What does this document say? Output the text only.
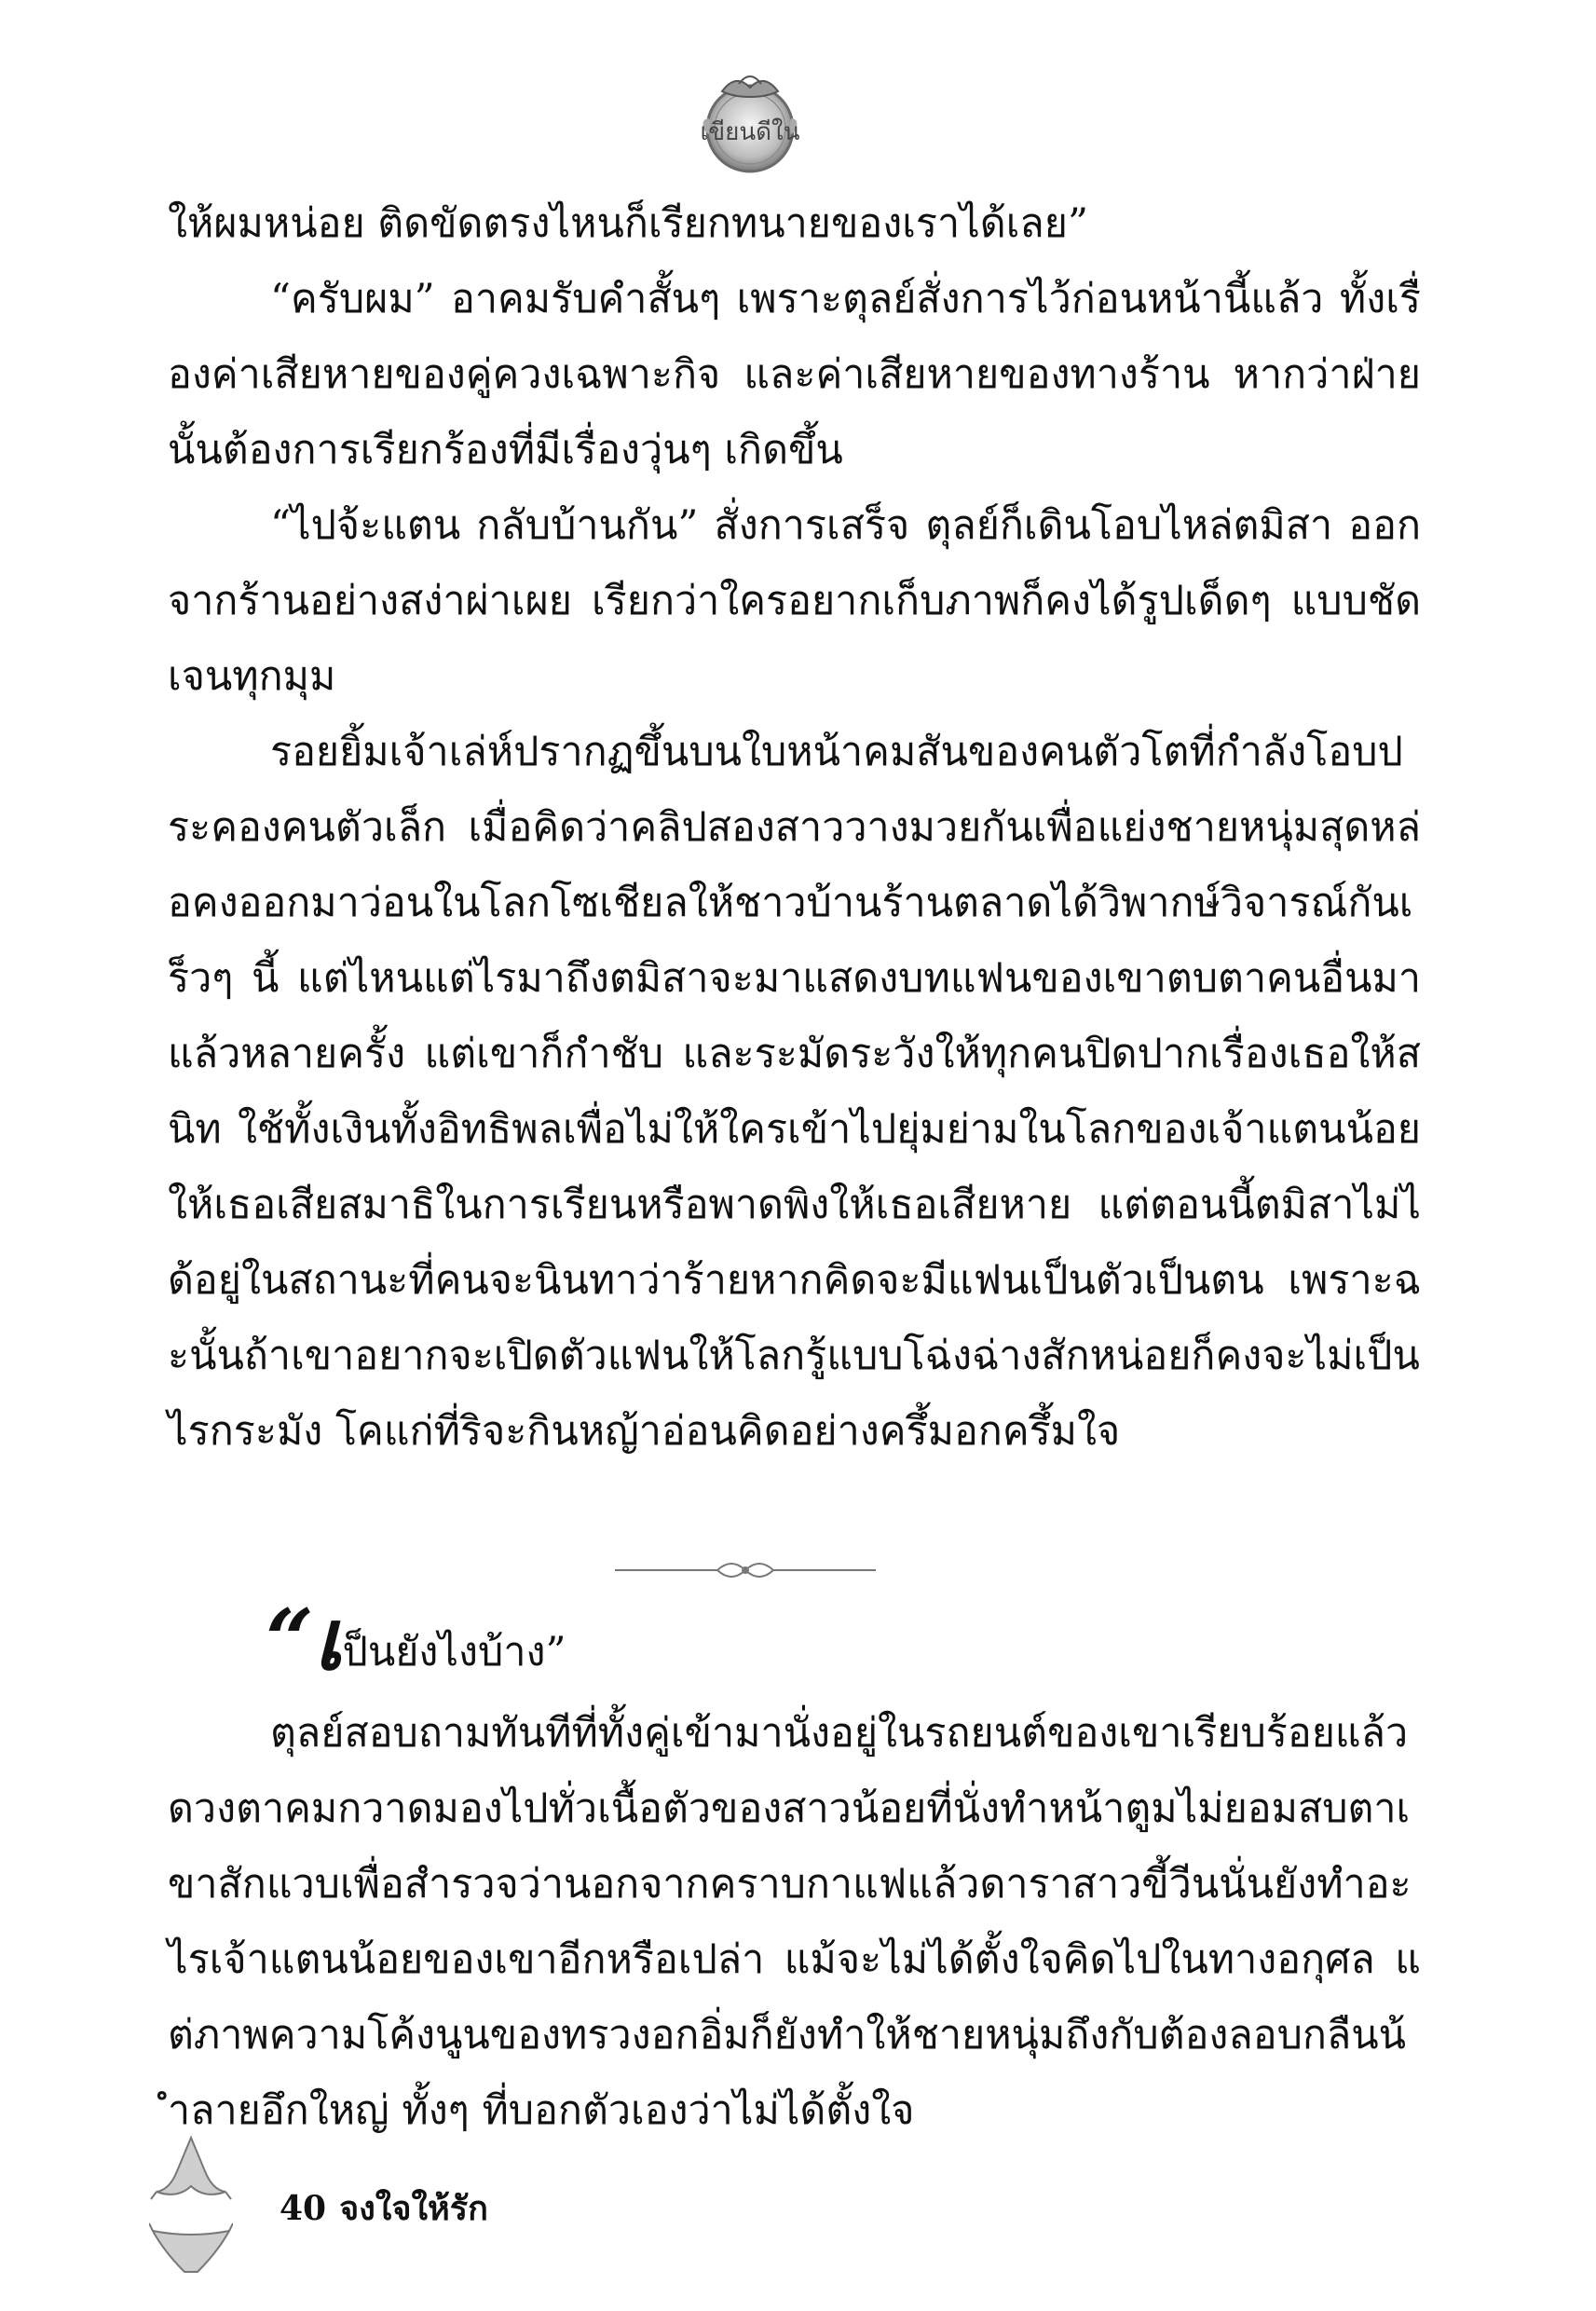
เขียนดีใน

ให้ผมหน่อย ติดขัดตรงไหนก็เรียกทนายของเราได้เลย”

“ครับผม” อาคมรับคำสั้นๆ เพราะตุลย์สั่งการไว้ก่อนหน้านี้แล้ว ทั้งเรื่องค่าเสียหายของคู่ควงเฉพาะกิจ และค่าเสียหายของทางร้าน หากว่าฝ่ายนั้นต้องการเรียกร้องที่มีเรื่องวุ่นๆ เกิดขึ้น

“ไปจ้ะแตน กลับบ้านกัน” สั่งการเสร็จ ตุลย์ก็เดินโอบไหล่ตมิสา ออกจากร้านอย่างสง่าผ่าเผย เรียกว่าใครอยากเก็บภาพก็คงได้รูปเด็ดๆ แบบชัดเจนทุกมุม

รอยยิ้มเจ้าเล่ห์ปรากฏขึ้นบนใบหน้าคมสันของคนตัวโตที่กำลังโอบประคองคนตัวเล็ก เมื่อคิดว่าคลิปสองสาววางมวยกันเพื่อแย่งชายหนุ่มสุดหล่อคงออกมาว่อนในโลกโซเชียลให้ชาวบ้านร้านตลาดได้วิพากษ์วิจารณ์กันเร็วๆ นี้ แต่ไหนแต่ไรมาถึงตมิสาจะมาแสดงบทแฟนของเขาตบตาคนอื่นมาแล้วหลายครั้ง แต่เขาก็กำชับ และระมัดระวังให้ทุกคนปิดปากเรื่องเธอให้สนิท ใช้ทั้งเงินทั้งอิทธิพลเพื่อไม่ให้ใครเข้าไปยุ่มย่ามในโลกของเจ้าแตนน้อยให้เธอเสียสมาธิในการเรียนหรือพาดพิงให้เธอเสียหาย แต่ตอนนี้ตมิสาไม่ได้อยู่ในสถานะที่คนจะนินทาว่าร้ายหากคิดจะมีแฟนเป็นตัวเป็นตน เพราะฉะนั้นถ้าเขาอยากจะเปิดตัวแฟนให้โลกรู้แบบโฉ่งฉ่างสักหน่อยก็คงจะไม่เป็นไรกระมัง โคแก่ที่ริจะกินหญ้าอ่อนคิดอย่างครึ้มอกครึ้มใจ

“เป็นยังไงบ้าง”

ตุลย์สอบถามทันทีที่ทั้งคู่เข้ามานั่งอยู่ในรถยนต์ของเขาเรียบร้อยแล้ว ดวงตาคมกวาดมองไปทั่วเนื้อตัวของสาวน้อยที่นั่งทำหน้าตูมไม่ยอมสบตาเขาสักแวบเพื่อสำรวจว่านอกจากคราบกาแฟแล้วดาราสาวขี้วีนนั่นยังทำอะไรเจ้าแตนน้อยของเขาอีกหรือเปล่า แม้จะไม่ได้ตั้งใจคิดไปในทางอกุศล แต่ภาพความโค้งนูนของทรวงอกอิ่มก็ยังทำให้ชายหนุ่มถึงกับต้องลอบกลืนน้ำลายอึกใหญ่ ทั้งๆ ที่บอกตัวเองว่าไม่ได้ตั้งใจ

40 จงใจให้รัก
